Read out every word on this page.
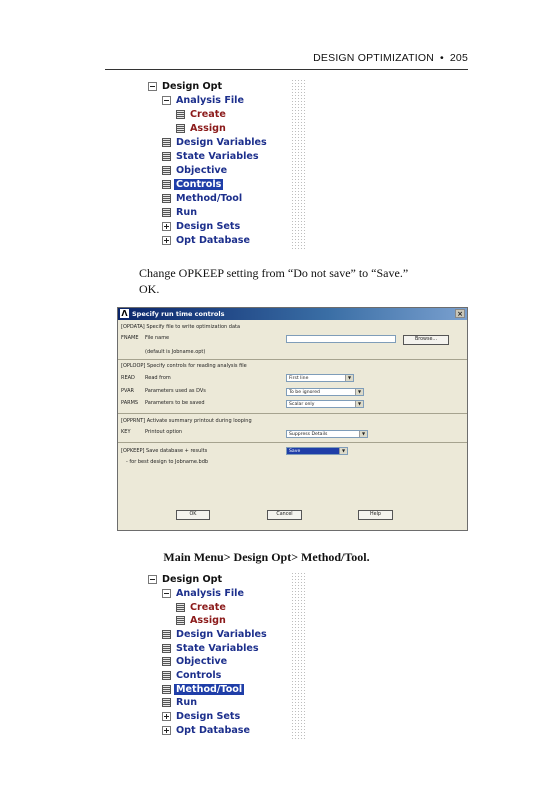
DESIGN OPTIMIZATION • 205
Design Opt
Analysis File
Create
Assign
Design Variables
State Variables
Objective
Controls
Method/Tool
Run
Design Sets
Opt Database
Change OPKEEP setting from “Do not save” to “Save.”
OK.
Λ Specify run time controls	×
[OPDATA] Specify file to write optimization data
FNAME File name	Browse...
(default is Jobname.opt)
[OPLOOP] Specify controls for reading analysis file
READ Read from	First line	▼
PVAR Parameters used as DVs	To be ignored	▼
PARMS Parameters to be saved	Scalar only	▼
[OPPRNT] Activate summary printout during looping
KEY	Printout option	Suppress Details	▼
[OPKEEP] Save database + results	Save	▼
- for best design to Jobname.bdb
OK	Cancel	Help
Main Menu> Design Opt> Method/Tool.
Design Opt
Analysis File
Create
Assign
Design Variables
State Variables
Objective
Controls
Method/Tool
Run
Design Sets
Opt Database
